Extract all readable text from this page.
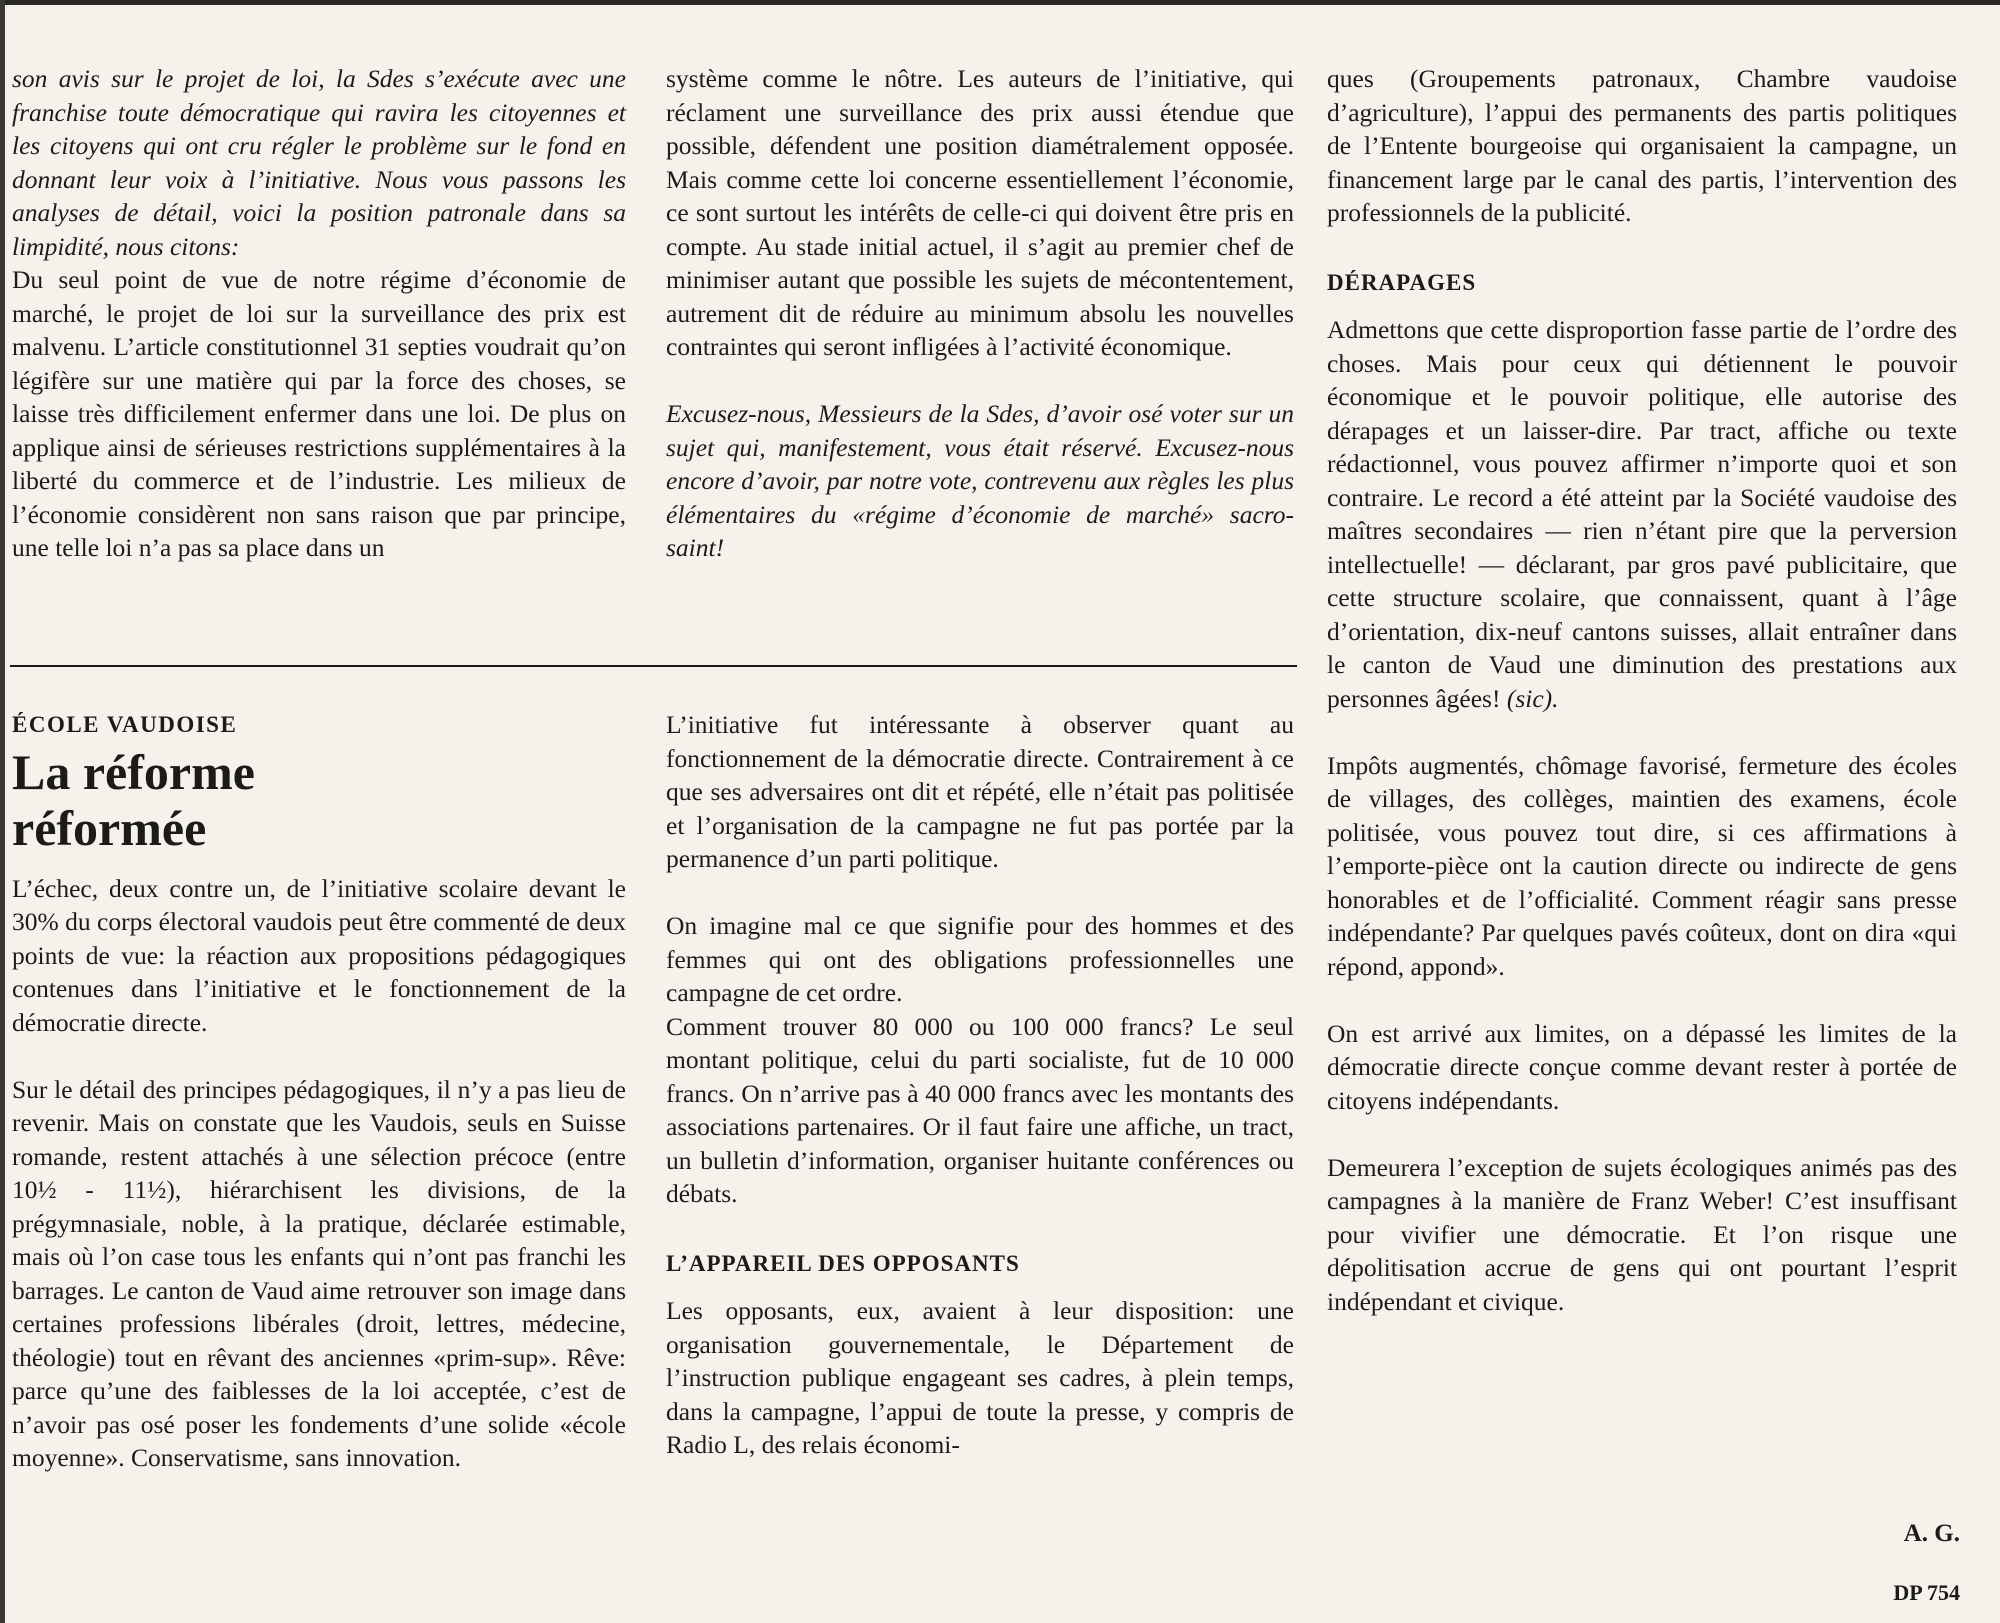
son avis sur le projet de loi, la Sdes s’exécute avec une franchise toute démocratique qui ravira les citoyennes et les citoyens qui ont cru régler le problème sur le fond en donnant leur voix à l’initiative. Nous vous passons les analyses de détail, voici la position patronale dans sa limpidité, nous citons:

Du seul point de vue de notre régime d’économie de marché, le projet de loi sur la surveillance des prix est malvenu. L’article constitutionnel 31 septies voudrait qu’on légifère sur une matière qui par la force des choses, se laisse très difficilement enfermer dans une loi. De plus on applique ainsi de sérieuses restrictions supplémentaires à la liberté du commerce et de l’industrie. Les milieux de l’économie considèrent non sans raison que par principe, une telle loi n’a pas sa place dans un

système comme le nôtre. Les auteurs de l’initiative, qui réclament une surveillance des prix aussi étendue que possible, défendent une position diamétralement opposée. Mais comme cette loi concerne essentiellement l’économie, ce sont surtout les intérêts de celle-ci qui doivent être pris en compte. Au stade initial actuel, il s’agit au premier chef de minimiser autant que possible les sujets de mécontentement, autrement dit de réduire au minimum absolu les nouvelles contraintes qui seront infligées à l’activité économique.

Excusez-nous, Messieurs de la Sdes, d’avoir osé voter sur un sujet qui, manifestement, vous était réservé. Excusez-nous encore d’avoir, par notre vote, contrevenu aux règles les plus élémentaires du «régime d’économie de marché» sacro-saint!

ÉCOLE VAUDOISE
La réforme réformée

L’échec, deux contre un, de l’initiative scolaire devant le 30% du corps électoral vaudois peut être commenté de deux points de vue: la réaction aux propositions pédagogiques contenues dans l’initiative et le fonctionnement de la démocratie directe.

Sur le détail des principes pédagogiques, il n’y a pas lieu de revenir. Mais on constate que les Vaudois, seuls en Suisse romande, restent attachés à une sélection précoce (entre 10½ - 11½), hiérarchisent les divisions, de la prégymnasiale, noble, à la pratique, déclarée estimable, mais où l’on case tous les enfants qui n’ont pas franchi les barrages. Le canton de Vaud aime retrouver son image dans certaines professions libérales (droit, lettres, médecine, théologie) tout en rêvant des anciennes «prim-sup». Rêve: parce qu’une des faiblesses de la loi acceptée, c’est de n’avoir pas osé poser les fondements d’une solide «école moyenne». Conservatisme, sans innovation.

L’initiative fut intéressante à observer quant au fonctionnement de la démocratie directe. Contrairement à ce que ses adversaires ont dit et répété, elle n’était pas politisée et l’organisation de la campagne ne fut pas portée par la permanence d’un parti politique.

On imagine mal ce que signifie pour des hommes et des femmes qui ont des obligations professionnelles une campagne de cet ordre.

Comment trouver 80 000 ou 100 000 francs? Le seul montant politique, celui du parti socialiste, fut de 10 000 francs. On n’arrive pas à 40 000 francs avec les montants des associations partenaires. Or il faut faire une affiche, un tract, un bulletin d’information, organiser huitante conférences ou débats.

L’APPAREIL DES OPPOSANTS

Les opposants, eux, avaient à leur disposition: une organisation gouvernementale, le Département de l’instruction publique engageant ses cadres, à plein temps, dans la campagne, l’appui de toute la presse, y compris de Radio L, des relais économi-

ques (Groupements patronaux, Chambre vaudoise d’agriculture), l’appui des permanents des partis politiques de l’Entente bourgeoise qui organisaient la campagne, un financement large par le canal des partis, l’intervention des professionnels de la publicité.

DÉRAPAGES

Admettons que cette disproportion fasse partie de l’ordre des choses. Mais pour ceux qui détiennent le pouvoir économique et le pouvoir politique, elle autorise des dérapages et un laisser-dire. Par tract, affiche ou texte rédactionnel, vous pouvez affirmer n’importe quoi et son contraire. Le record a été atteint par la Société vaudoise des maîtres secondaires — rien n’étant pire que la perversion intellectuelle! — déclarant, par gros pavé publicitaire, que cette structure scolaire, que connaissent, quant à l’âge d’orientation, dix-neuf cantons suisses, allait entraîner dans le canton de Vaud une diminution des prestations aux personnes âgées! (sic).

Impôts augmentés, chômage favorisé, fermeture des écoles de villages, des collèges, maintien des examens, école politisée, vous pouvez tout dire, si ces affirmations à l’emporte-pièce ont la caution directe ou indirecte de gens honorables et de l’officialité. Comment réagir sans presse indépendante? Par quelques pavés coûteux, dont on dira «qui répond, appond».

On est arrivé aux limites, on a dépassé les limites de la démocratie directe conçue comme devant rester à portée de citoyens indépendants.

Demeurera l’exception de sujets écologiques animés pas des campagnes à la manière de Franz Weber! C’est insuffisant pour vivifier une démocratie. Et l’on risque une dépolitisation accrue de gens qui ont pourtant l’esprit indépendant et civique.

A. G.
DP 754
